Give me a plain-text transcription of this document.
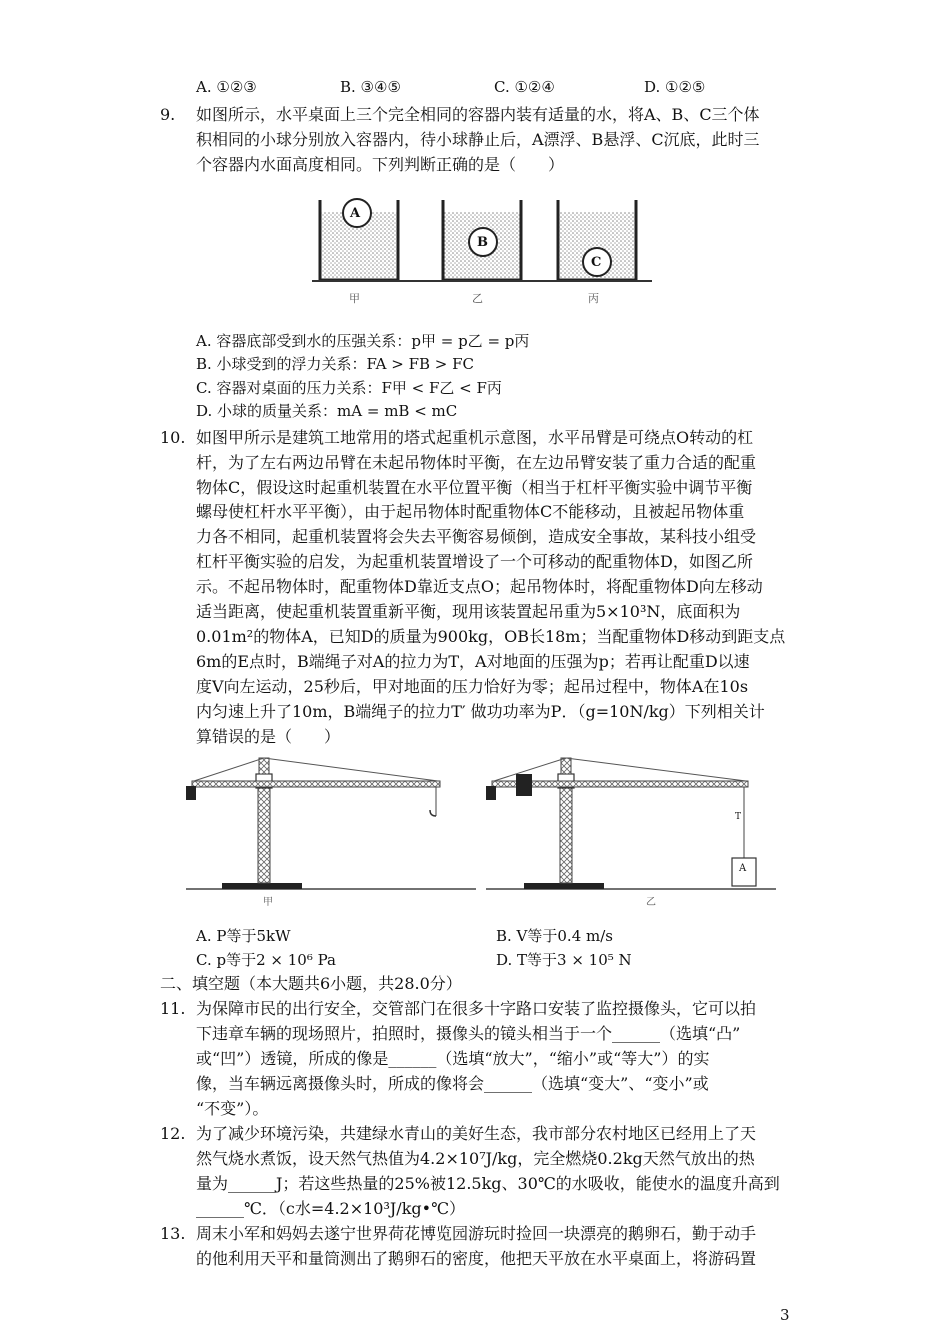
A. ①②③	B. ③④⑤	C. ①②④	D. ①②⑤
9. 如图所示，水平桌面上三个完全相同的容器内装有适量的水，将A、B、C三个体
积相同的小球分别放入容器内，待小球静止后，A漂浮、B悬浮、C沉底，此时三
个容器内水面高度相同。下列判断正确的是（　　）
A
B
C
甲	乙	丙
A. 容器底部受到水的压强关系：p甲 = p乙 = p丙
B. 小球受到的浮力关系：FA > FB > FC
C. 容器对桌面的压力关系：F甲 < F乙 < F丙
D. 小球的质量关系：mA = mB < mC
10. 如图甲所示是建筑工地常用的塔式起重机示意图，水平吊臂是可绕点O转动的杠
杆，为了左右两边吊臂在未起吊物体时平衡，在左边吊臂安装了重力合适的配重
物体C，假设这时起重机装置在水平位置平衡（相当于杠杆平衡实验中调节平衡
螺母使杠杆水平平衡），由于起吊物体时配重物体C不能移动，且被起吊物体重
力各不相同，起重机装置将会失去平衡容易倾倒，造成安全事故，某科技小组受
杠杆平衡实验的启发，为起重机装置增设了一个可移动的配重物体D，如图乙所
示。不起吊物体时，配重物体D靠近支点O；起吊物体时，将配重物体D向左移动
适当距离，使起重机装置重新平衡，现用该装置起吊重为5×10³N，底面积为
0.01m²的物体A，已知D的质量为900kg，OB长18m；当配重物体D移动到距支点
6m的E点时，B端绳子对A的拉力为T，A对地面的压强为p；若再让配重D以速
度V向左运动，25秒后，甲对地面的压力恰好为零；起吊过程中，物体A在10s
内匀速上升了10m，B端绳子的拉力T′ 做功功率为P．（g=10N/kg）下列相关计
算错误的是（　　）
A
T
甲	乙
A. P等于5kW	B. V等于0.4 m/s
C. p等于2 × 10⁶ Pa	D. T等于3 × 10⁵ N
二、填空题（本大题共6小题，共28.0分）
11. 为保障市民的出行安全，交管部门在很多十字路口安装了监控摄像头，它可以拍
下违章车辆的现场照片，拍照时，摄像头的镜头相当于一个______（选填“凸”
或“凹”）透镜，所成的像是______（选填“放大”，“缩小”或“等大”）的实
像，当车辆远离摄像头时，所成的像将会______（选填“变大”、“变小”或
“不变”）。
12. 为了减少环境污染，共建绿水青山的美好生态，我市部分农村地区已经用上了天
然气烧水煮饭，设天然气热值为4.2×10⁷J/kg，完全燃烧0.2kg天然气放出的热
量为______J；若这些热量的25%被12.5kg、30℃的水吸收，能使水的温度升高到
______℃．（c水=4.2×10³J/kg•℃）
13. 周末小军和妈妈去遂宁世界荷花博览园游玩时捡回一块漂亮的鹅卵石，勤于动手
的他利用天平和量筒测出了鹅卵石的密度，他把天平放在水平桌面上，将游码置
3
